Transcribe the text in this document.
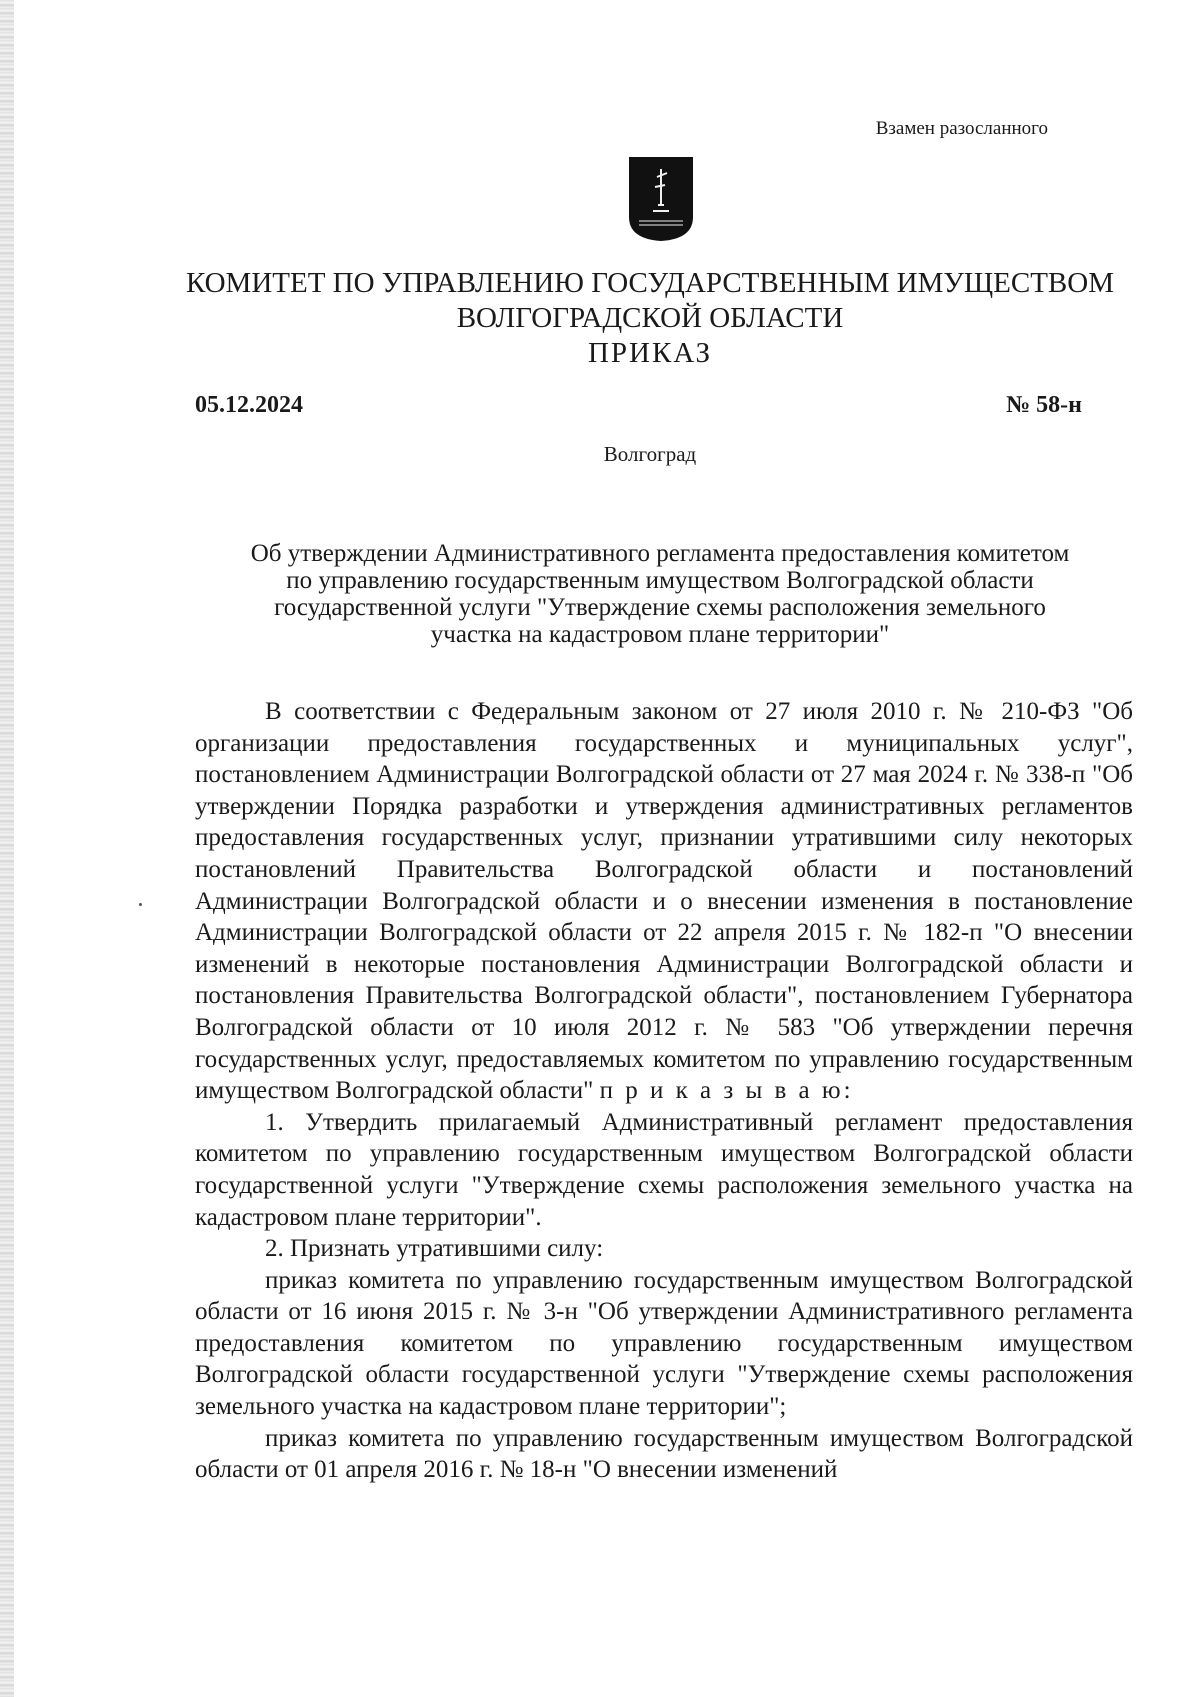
Взамен разосланного
КОМИТЕТ ПО УПРАВЛЕНИЮ ГОСУДАРСТВЕННЫМ ИМУЩЕСТВОМ
ВОЛГОГРАДСКОЙ ОБЛАСТИ
ПРИКАЗ
05.12.2024	№ 58-н
Волгоград
Об утверждении Административного регламента предоставления комитетом
по управлению государственным имуществом Волгоградской области
государственной услуги "Утверждение схемы расположения земельного
участка на кадастровом плане территории"

В соответствии с Федеральным законом от 27 июля 2010 г. № 210-ФЗ "Об организации предоставления государственных и муниципальных услуг", постановлением Администрации Волгоградской области от 27 мая 2024 г. № 338-п "Об утверждении Порядка разработки и утверждения административных регламентов предоставления государственных услуг, признании утратившими силу некоторых постановлений Правительства Волгоградской области и постановлений Администрации Волгоградской области и о внесении изменения в постановление Администрации Волгоградской области от 22 апреля 2015 г. № 182-п "О внесении изменений в некоторые постановления Администрации Волгоградской области и постановления Правительства Волгоградской области", постановлением Губернатора Волгоградской области от 10 июля 2012 г. № 583 "Об утверждении перечня государственных услуг, предоставляемых комитетом по управлению государственным имуществом Волгоградской области" п р и к а з ы в а ю:

1. Утвердить прилагаемый Административный регламент предоставления комитетом по управлению государственным имуществом Волгоградской области государственной услуги "Утверждение схемы расположения земельного участка на кадастровом плане территории".

2. Признать утратившими силу:

приказ комитета по управлению государственным имуществом Волгоградской области от 16 июня 2015 г. № 3-н "Об утверждении Административного регламента предоставления комитетом по управлению государственным имуществом Волгоградской области государственной услуги "Утверждение схемы расположения земельного участка на кадастровом плане территории";

приказ комитета по управлению государственным имуществом Волгоградской области от 01 апреля 2016 г. № 18-н "О внесении изменений
